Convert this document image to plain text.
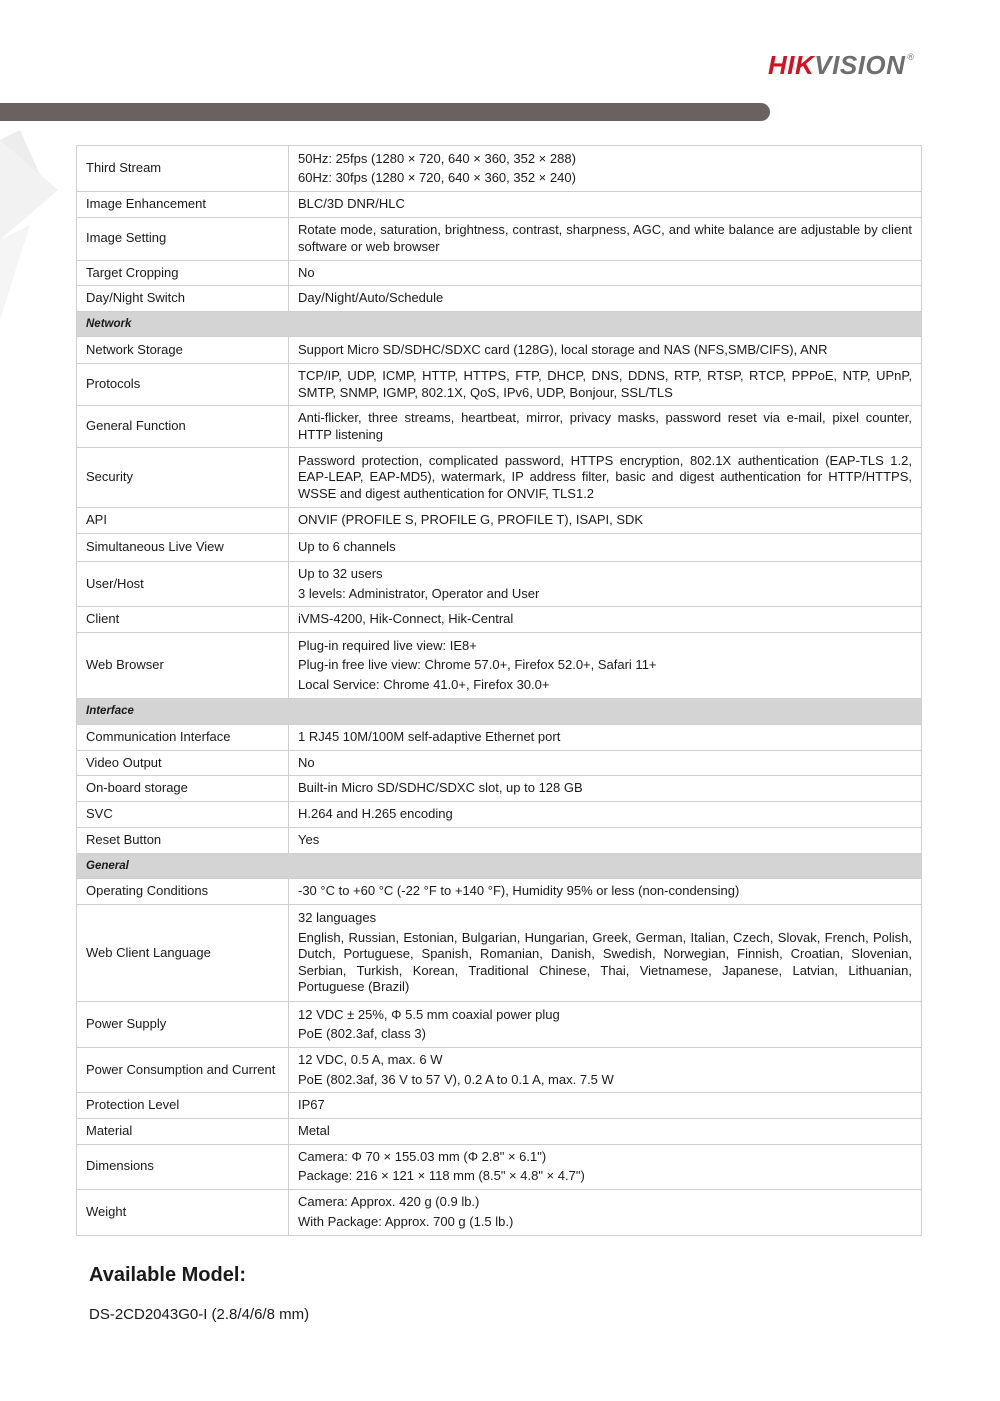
HIKVISION ®
Third Stream	50Hz: 25fps (1280 × 720, 640 × 360, 352 × 288)
60Hz: 30fps (1280 × 720, 640 × 360, 352 × 240)

Image Enhancement	BLC/3D DNR/HLC

Image Setting	Rotate mode, saturation, brightness, contrast, sharpness, AGC, and white balance are adjustable by client software or web browser

Target Cropping	No

Day/Night Switch	Day/Night/Auto/Schedule

Network	
Network Storage	Support Micro SD/SDHC/SDXC card (128G), local storage and NAS (NFS,SMB/CIFS), ANR

Protocols	TCP/IP, UDP, ICMP, HTTP, HTTPS, FTP, DHCP, DNS, DDNS, RTP, RTSP, RTCP, PPPoE, NTP, UPnP, SMTP, SNMP, IGMP, 802.1X, QoS, IPv6, UDP, Bonjour, SSL/TLS

General Function	Anti-flicker, three streams, heartbeat, mirror, privacy masks, password reset via e-mail, pixel counter, HTTP listening

Security	Password protection, complicated password, HTTPS encryption, 802.1X authentication (EAP-TLS 1.2, EAP-LEAP, EAP-MD5), watermark, IP address filter, basic and digest authentication for HTTP/HTTPS, WSSE and digest authentication for ONVIF, TLS1.2

API	ONVIF (PROFILE S, PROFILE G, PROFILE T), ISAPI, SDK

Simultaneous Live View	Up to 6 channels

User/Host	Up to 32 users
3 levels: Administrator, Operator and User

Client	iVMS-4200, Hik-Connect, Hik-Central

Web Browser	Plug-in required live view: IE8+
Plug-in free live view: Chrome 57.0+, Firefox 52.0+, Safari 11+
Local Service: Chrome 41.0+, Firefox 30.0+

Interface	
Communication Interface	1 RJ45 10M/100M self-adaptive Ethernet port

Video Output	No

On-board storage	Built-in Micro SD/SDHC/SDXC slot, up to 128 GB

SVC	H.264 and H.265 encoding

Reset Button	Yes

General	
Operating Conditions	-30 °C to +60 °C (-22 °F to +140 °F), Humidity 95% or less (non-condensing)

Web Client Language	32 languages
English, Russian, Estonian, Bulgarian, Hungarian, Greek, German, Italian, Czech, Slovak, French, Polish, Dutch, Portuguese, Spanish, Romanian, Danish, Swedish, Norwegian, Finnish, Croatian, Slovenian, Serbian, Turkish, Korean, Traditional Chinese, Thai, Vietnamese, Japanese, Latvian, Lithuanian, Portuguese (Brazil)

Power Supply	12 VDC ± 25%, Φ 5.5 mm coaxial power plug
PoE (802.3af, class 3)

Power Consumption and Current	12 VDC, 0.5 A, max. 6 W
PoE (802.3af, 36 V to 57 V), 0.2 A to 0.1 A, max. 7.5 W

Protection Level	IP67

Material	Metal

Dimensions	Camera: Φ 70 × 155.03 mm (Φ 2.8" × 6.1")
Package: 216 × 121 × 118 mm (8.5" × 4.8" × 4.7")

Weight	Camera: Approx. 420 g (0.9 lb.)
With Package: Approx. 700 g (1.5 lb.)
Available Model:
DS-2CD2043G0-I (2.8/4/6/8 mm)
